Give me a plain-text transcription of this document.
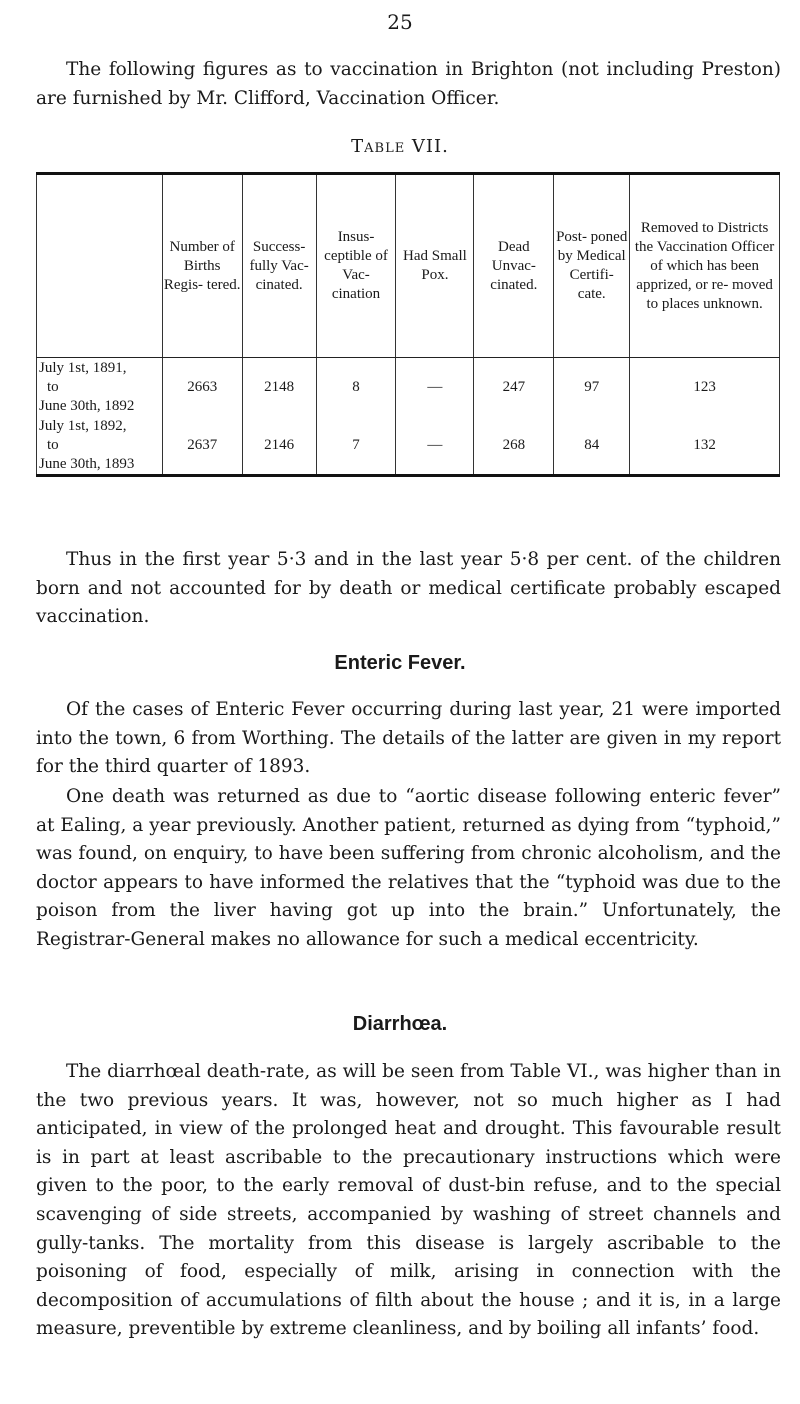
25

The following figures as to vaccination in Brighton (not including Preston) are furnished by Mr. Clifford, Vaccination Officer.

Table VII.
	Number of Births Regis- tered.	Success- fully Vac- cinated.	Insus- ceptible of Vac- cination	Had Small Pox.	Dead Unvac- cinated.	Post- poned by Medical Certifi- cate.	Removed to Districts the Vaccination Officer of which has been apprized, or re- moved to places unknown.

July 1st, 1891,
to
June 30th, 1892	2663	2148	8	—	247	97	123

July 1st, 1892,
to
June 30th, 1893	2637	2146	7	—	268	84	132

Thus in the first year 5·3 and in the last year 5·8 per cent. of the children born and not accounted for by death or medical certificate probably escaped vaccination.

Enteric Fever.

Of the cases of Enteric Fever occurring during last year, 21 were imported into the town, 6 from Worthing. The details of the latter are given in my report for the third quarter of 1893.

One death was returned as due to “aortic disease following enteric fever” at Ealing, a year previously. Another patient, returned as dying from “typhoid,” was found, on enquiry, to have been suffering from chronic alcoholism, and the doctor appears to have informed the relatives that the “typhoid was due to the poison from the liver having got up into the brain.” Unfortunately, the Registrar-General makes no allowance for such a medical eccentricity.

Diarrhœa.

The diarrhœal death-rate, as will be seen from Table VI., was higher than in the two previous years. It was, however, not so much higher as I had anticipated, in view of the prolonged heat and drought. This favourable result is in part at least ascribable to the precautionary instructions which were given to the poor, to the early removal of dust-bin refuse, and to the special scavenging of side streets, accompanied by washing of street channels and gully-tanks. The mortality from this disease is largely ascribable to the poisoning of food, especially of milk, arising in connection with the decomposition of accumulations of filth about the house ; and it is, in a large measure, preventible by extreme cleanliness, and by boiling all infants’ food.
